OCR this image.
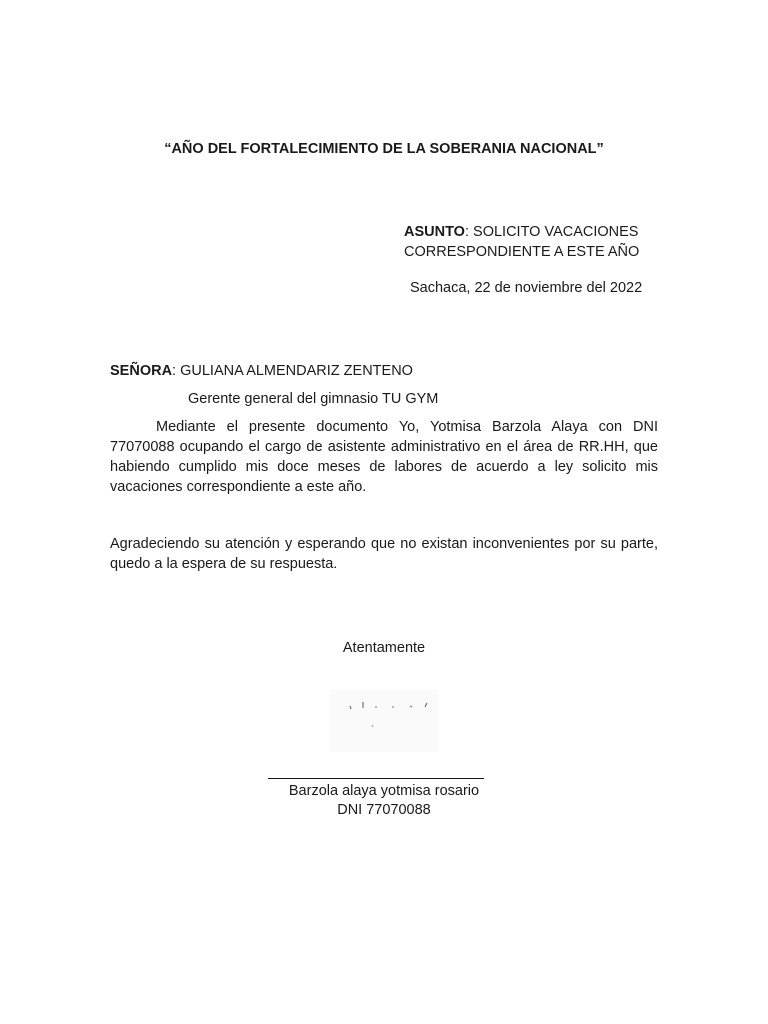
“AÑO DEL FORTALECIMIENTO DE LA SOBERANIA NACIONAL”

ASUNTO: SOLICITO VACACIONES
CORRESPONDIENTE A ESTE AÑO

Sachaca, 22 de noviembre del 2022

SEÑORA: GULIANA ALMENDARIZ ZENTENO

Gerente general del gimnasio TU GYM

Mediante el presente documento Yo, Yotmisa Barzola Alaya con DNI 77070088 ocupando el cargo de asistente administrativo en el área de RR.HH, que habiendo cumplido mis doce meses de labores de acuerdo a ley solicito mis vacaciones correspondiente a este año.

Agradeciendo su atención y esperando que no existan inconvenientes por su parte, quedo a la espera de su respuesta.

Atentamente

Barzola alaya yotmisa rosario

DNI 77070088
